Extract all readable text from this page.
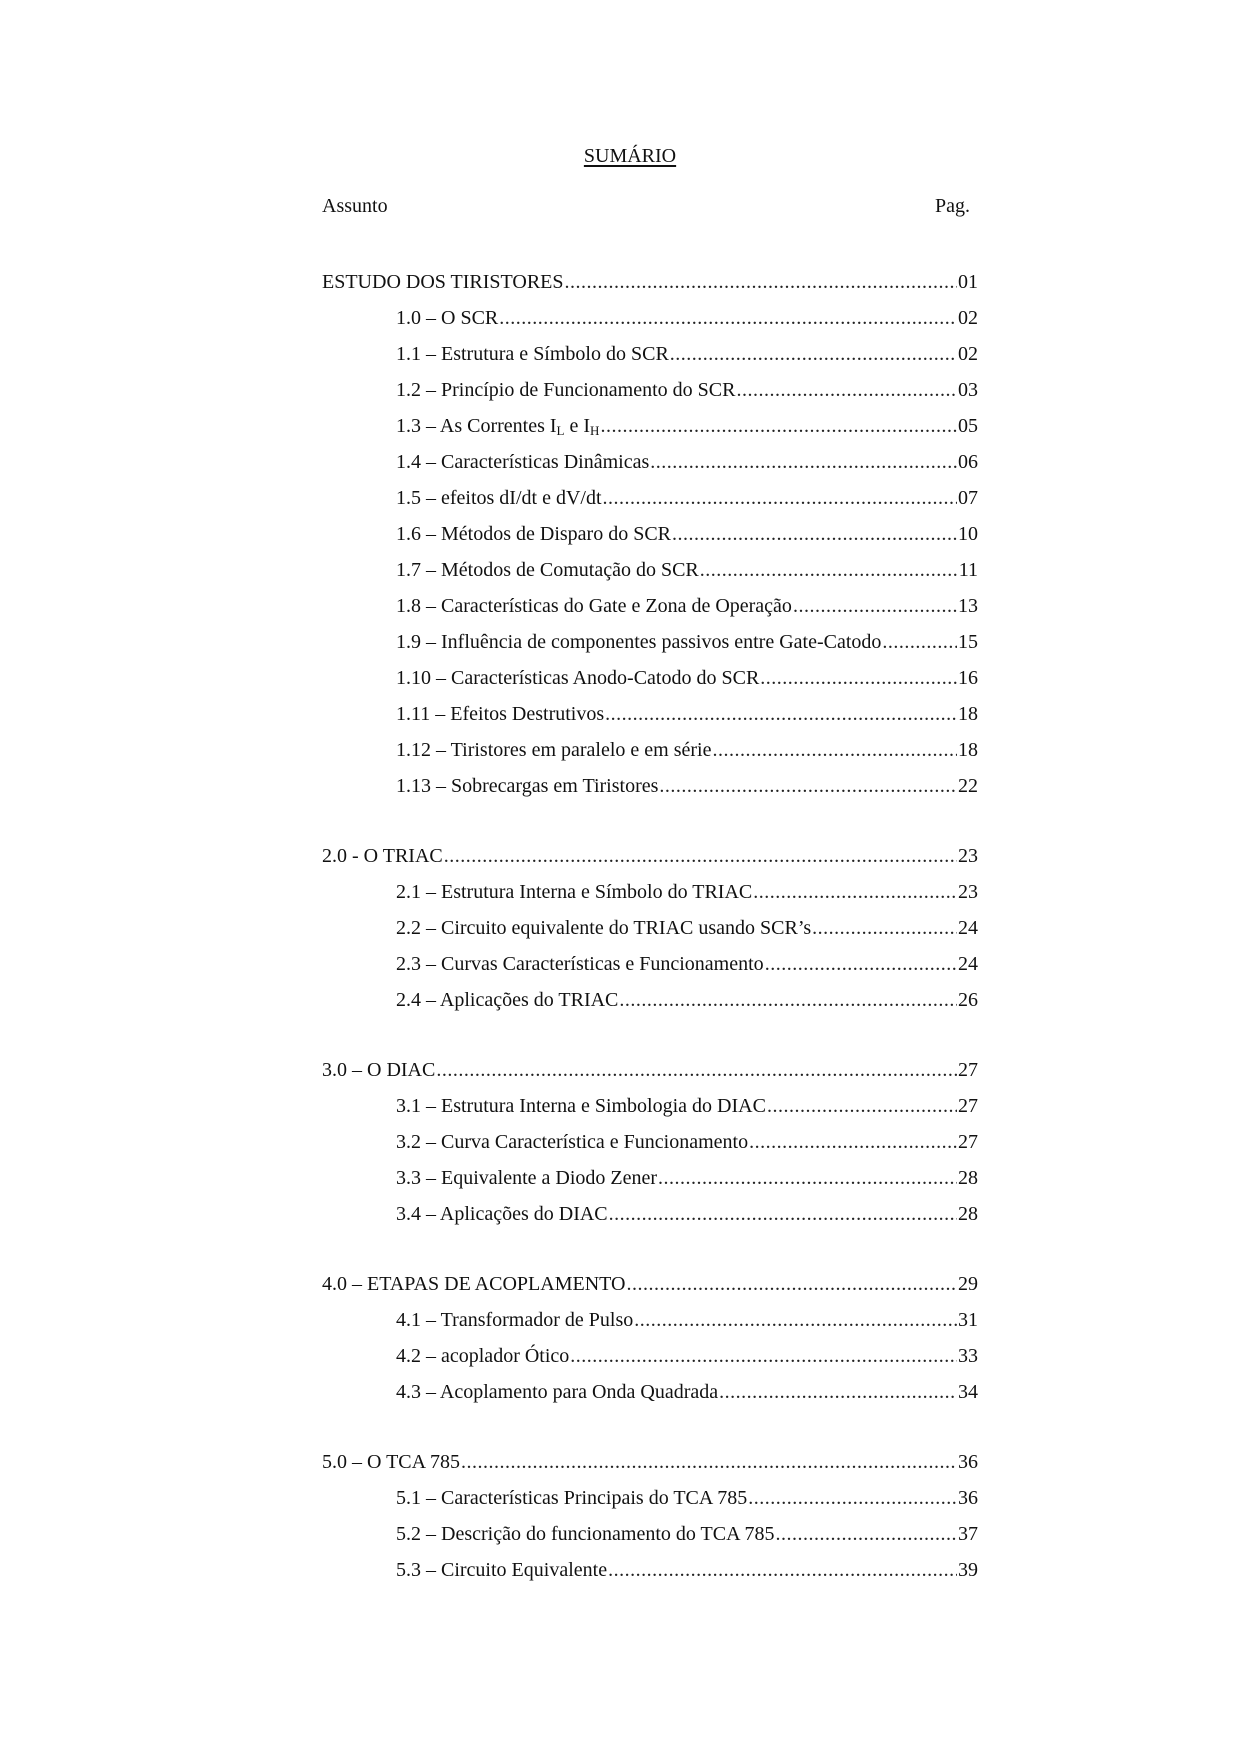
SUMÁRIO
Assunto	Pag.
ESTUDO DOS TIRISTORES .....	01
1.0 – O SCR .....	02
1.1 – Estrutura e Símbolo do SCR .....	02
1.2 – Princípio de Funcionamento do SCR .....	03
1.3 – As Correntes $I_L$ e $I_H$ .....	05
1.4 – Características Dinâmicas .....	06
1.5 – efeitos dI/dt e dV/dt .....	07
1.6 – Métodos de Disparo do SCR .....	10
1.7 – Métodos de Comutação do SCR .....	11
1.8 – Características do Gate e Zona de Operação .....	13
1.9 – Influência de componentes passivos entre Gate-Catodo .....	15
1.10 – Características Anodo-Catodo do SCR .....	16
1.11 – Efeitos Destrutivos .....	18
1.12 – Tiristores em paralelo e em série .....	18
1.13 – Sobrecargas em Tiristores .....	22
2.0 - O TRIAC .....	23
2.1 – Estrutura Interna e Símbolo do TRIAC .....	23
2.2 – Circuito equivalente do TRIAC usando SCR’s .....	24
2.3 – Curvas Características e Funcionamento .....	24
2.4 – Aplicações do TRIAC .....	26
3.0 – O DIAC .....	27
3.1 – Estrutura Interna e Simbologia do DIAC .....	27
3.2 – Curva Característica e Funcionamento .....	27
3.3 – Equivalente a Diodo Zener .....	28
3.4 – Aplicações do DIAC .....	28
4.0 – ETAPAS DE ACOPLAMENTO .....	29
4.1 – Transformador de Pulso .....	31
4.2 – acoplador Ótico .....	33
4.3 – Acoplamento para Onda Quadrada .....	34
5.0 – O TCA 785 .....	36
5.1 – Características Principais do TCA 785 .....	36
5.2 – Descrição do funcionamento do TCA 785 .....	37
5.3 – Circuito Equivalente .....	39
